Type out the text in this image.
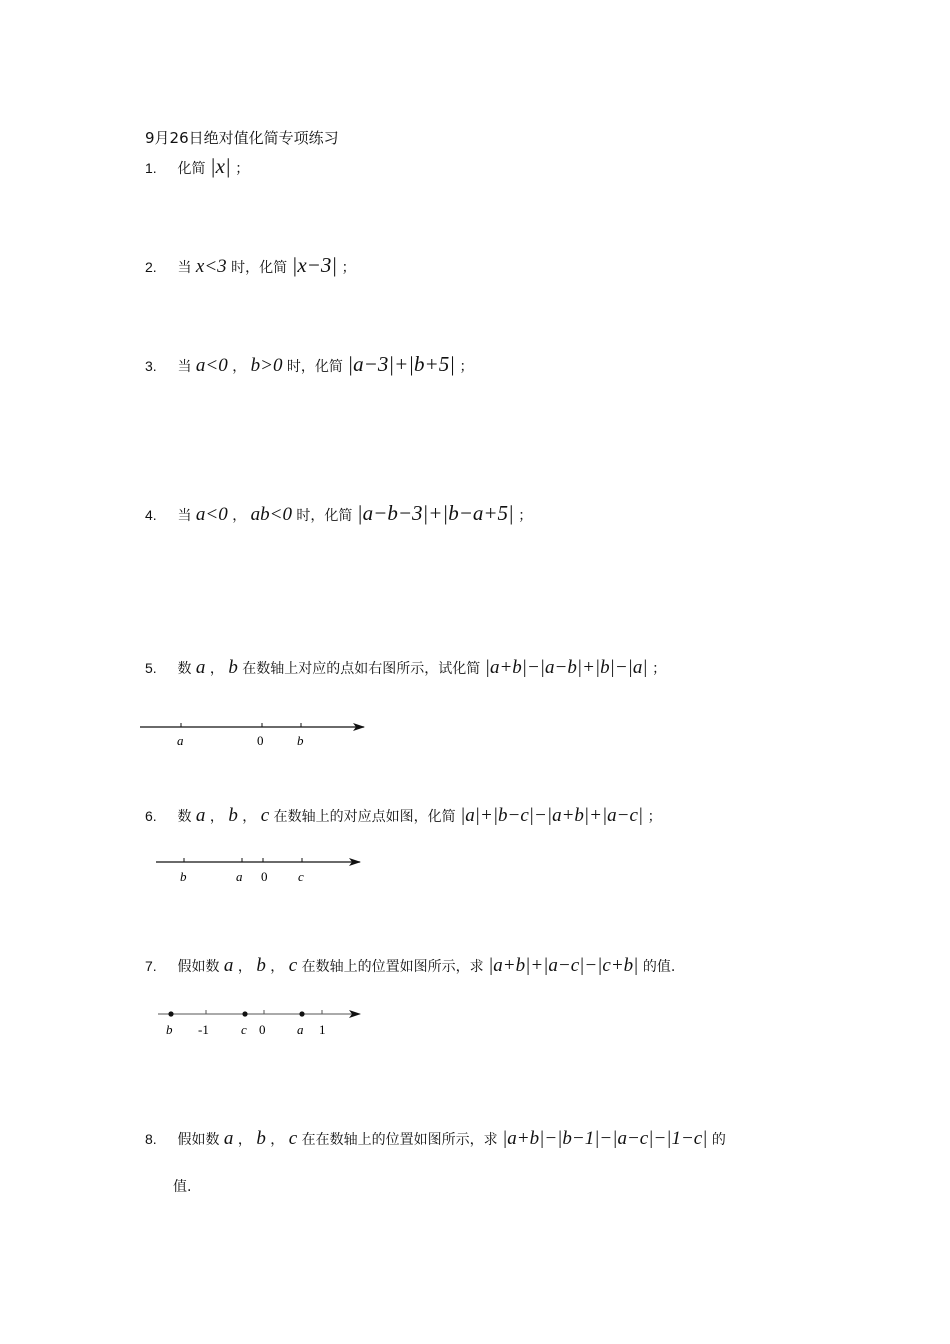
9月26日绝对值化简专项练习
1. 化简 |x| ；
2. 当 x<3 时，化简 |x−3| ；
3. 当 a<0 ， b>0 时，化简 |a−3|+|b+5| ；
4. 当 a<0 ， ab<0 时，化简 |a−b−3|+|b−a+5| ；
5. 数 a ， b 在数轴上对应的点如右图所示，试化简 |a+b|−|a−b|+|b|−|a| ；
6. 数 a ， b ， c 在数轴上的对应点如图，化简 |a|+|b−c|−|a+b|+|a−c| ；
7. 假如数 a ， b ， c 在数轴上的位置如图所示，求 |a+b|+|a−c|−|c+b| 的值.
8. 假如数 a ， b ， c 在在数轴上的位置如图所示，求 |a+b|−|b−1|−|a−c|−|1−c| 的
值.
a	0	b
b	a 0 c
b -1 c 0 a 1
